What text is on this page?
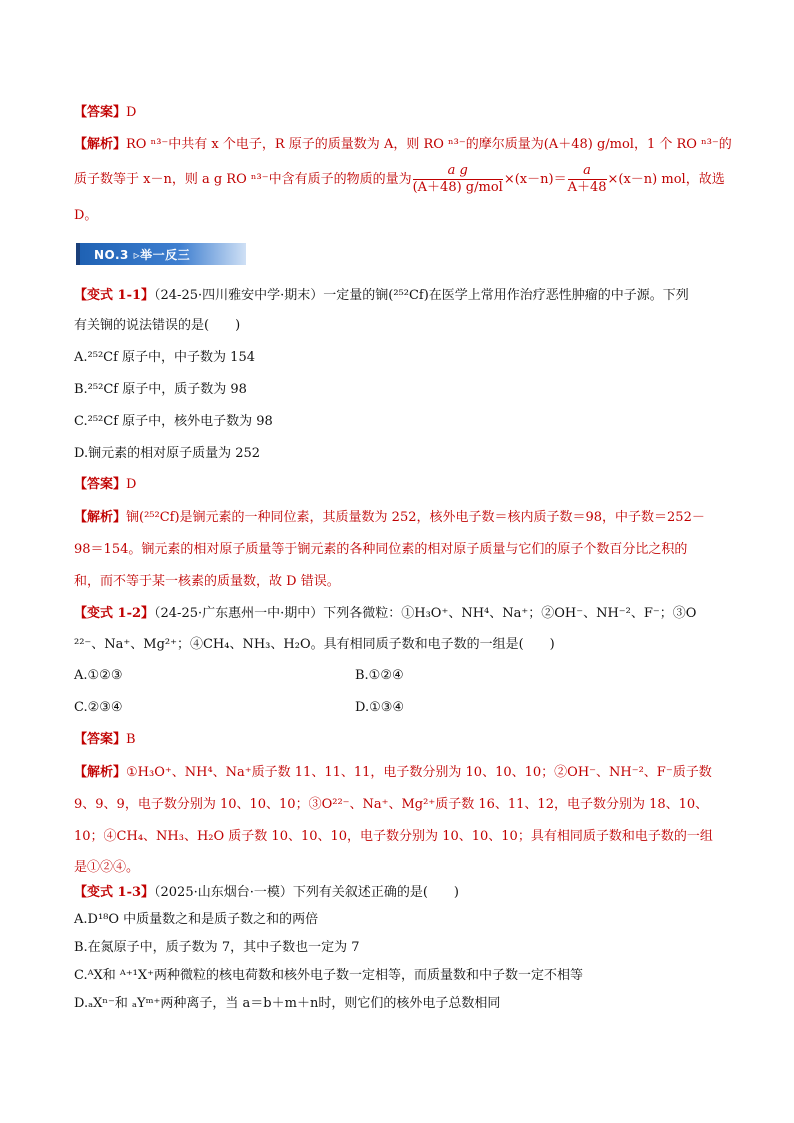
【答案】D
【解析】RO ⁿ³⁻中共有 x 个电子，R 原子的质量数为 A，则 RO ⁿ³⁻的摩尔质量为(A＋48) g/mol，1 个 RO ⁿ³⁻的
质子数等于 x－n，则 a g RO ⁿ³⁻中含有质子的物质的量为 $\frac{\text{a g}}{\text{(A＋48) g/mol}} \times(x-n)= \frac{a}{A+48} \times(x-n)$ mol，故选
D。
NO.3 ▹举一反三
【变式 1-1】（24-25·四川雅安中学·期末）一定量的锎(²⁵²Cf)在医学上常用作治疗恶性肿瘤的中子源。下列
有关锎的说法错误的是(　　)
A.²⁵²Cf 原子中，中子数为 154
B.²⁵²Cf 原子中，质子数为 98
C.²⁵²Cf 原子中，核外电子数为 98
D.锎元素的相对原子质量为 252
【答案】D
【解析】锎(²⁵²Cf)是锎元素的一种同位素，其质量数为 252，核外电子数＝核内质子数＝98，中子数＝252－
98＝154。锎元素的相对原子质量等于锎元素的各种同位素的相对原子质量与它们的原子个数百分比之积的
和，而不等于某一核素的质量数，故 D 错误。
【变式 1-2】（24-25·广东惠州一中·期中）下列各微粒：①H₃O⁺、NH⁴、Na⁺；②OH⁻、NH⁻²、F⁻；③O
²²⁻、Na⁺、Mg²⁺；④CH₄、NH₃、H₂O。具有相同质子数和电子数的一组是(　　)
A.①②③	B.①②④
C.②③④	D.①③④
【答案】B
【解析】①H₃O⁺、NH⁴、Na⁺质子数 11、11、11，电子数分别为 10、10、10；②OH⁻、NH⁻²、F⁻质子数
9、9、9，电子数分别为 10、10、10；③O²²⁻、Na⁺、Mg²⁺质子数 16、11、12，电子数分别为 18、10、
10；④CH₄、NH₃、H₂O 质子数 10、10、10，电子数分别为 10、10、10；具有相同质子数和电子数的一组
是①②④。
【变式 1-3】（2025·山东烟台·一模）下列有关叙述正确的是(　　)
A.D¹⁸O 中质量数之和是质子数之和的两倍
B.在氮原子中，质子数为 7，其中子数也一定为 7
C.ᴬX和 ᴬ⁺¹X⁺两种微粒的核电荷数和核外电子数一定相等，而质量数和中子数一定不相等
D.ₐXⁿ⁻和 ₐYᵐ⁺两种离子，当 a＝b＋m＋n时，则它们的核外电子总数相同
